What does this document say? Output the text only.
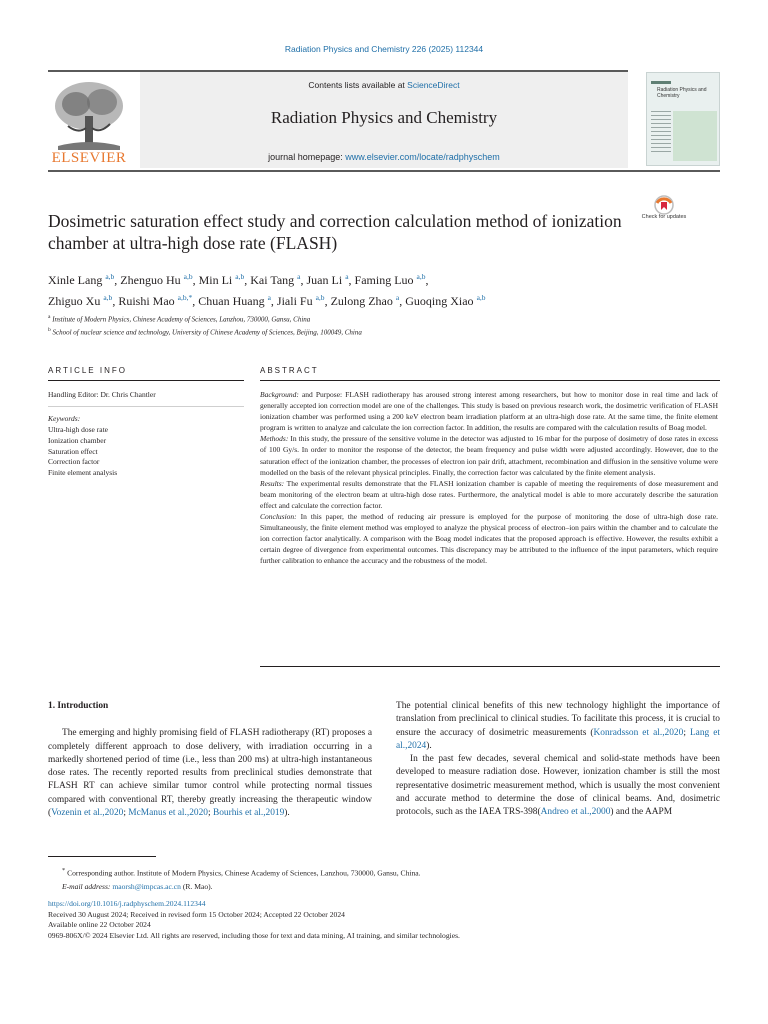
Radiation Physics and Chemistry 226 (2025) 112344
ELSEVIER
Contents lists available at ScienceDirect
Radiation Physics and Chemistry
journal homepage: www.elsevier.com/locate/radphyschem
Radiation Physics and Chemistry
Dosimetric saturation effect study and correction calculation method of ionization chamber at ultra-high dose rate (FLASH)
Check for updates
Xinle Lang $^{a,b}$, Zhenguo Hu $^{a,b}$, Min Li $^{a,b}$, Kai Tang $^a$, Juan Li $^a$, Faming Luo $^{a,b}$,
Zhiguo Xu $^{a,b}$, Ruishi Mao $^{a,b,*}$, Chuan Huang $^a$, Jiali Fu $^{a,b}$, Zulong Zhao $^a$, Guoqing Xiao $^{a,b}$
$^a$ Institute of Modern Physics, Chinese Academy of Sciences, Lanzhou, 730000, Gansu, China
$^b$ School of nuclear science and technology, University of Chinese Academy of Sciences, Beijing, 100049, China
ARTICLE INFO
Handling Editor: Dr. Chris Chantler
Keywords:
Ultra-high dose rate
Ionization chamber
Saturation effect
Correction factor
Finite element analysis
ABSTRACT

Background: and Purpose: FLASH radiotherapy has aroused strong interest among researchers, but how to monitor dose in real time and lack of generally accepted ion correction model are one of the challenges. This study is based on previous research work, the dosimetric verification of FLASH ionization chamber was performed using a 200 keV electron beam irradiation platform at an ultra-high dose rate. At the same time, the finite element program is written to analyze and calculate the ion correction factor. In addition, the results are compared with the calculation results of Boag model.

Methods: In this study, the pressure of the sensitive volume in the detector was adjusted to 16 mbar for the purpose of dosimetry of dose rates in excess of 100 Gy/s. In order to monitor the response of the detector, the beam frequency and pulse width were adjusted accordingly. However, due to the saturation effect of the ionization chamber, the processes of electron ion pair drift, attachment, recombination and diffusion in the sensitive volume were modelled on the basis of the relevant physical principles. Finally, the correction factor was calculated by the finite element analysis.

Results: The experimental results demonstrate that the FLASH ionization chamber is capable of meeting the requirements of dose measurement and beam monitoring of the electron beam at ultra-high dose rates. Furthermore, the analytical model is able to more accurately describe the saturation effect and calculate the correction factor.

Conclusion: In this paper, the method of reducing air pressure is employed for the purpose of monitoring the dose of ultra-high dose rate. Simultaneously, the finite element method was employed to analyze the physical process of electron–ion pairs within the chamber and to calculate the ion correction factor analytically. A comparison with the Boag model indicates that the proposed approach is effective. However, the results exhibit a certain degree of divergence from experimental outcomes. This discrepancy may be attributed to the influence of the input parameters, which require further calibration to enhance the accuracy and the robustness of the model.

1. Introduction

The emerging and highly promising field of FLASH radiotherapy (RT) proposes a completely different approach to dose delivery, with irradiation occurring in a markedly shortened period of time (i.e., less than 200 ms) at ultra-high instantaneous dose rates. The recently reported results from preclinical studies demonstrate that FLASH RT can achieve similar tumor control while protecting normal tissues compared with conventional RT, thereby greatly increasing the therapeutic window (Vozenin et al.,2020; McManus et al.,2020; Bourhis et al.,2019).

The potential clinical benefits of this new technology highlight the importance of translation from preclinical to clinical studies. To facilitate this process, it is crucial to ensure the accuracy of dosimetric measurements (Konradsson et al.,2020; Lang et al.,2024).

In the past few decades, several chemical and solid-state methods have been developed to measure radiation dose. However, ionization chamber is still the most representative dosimetric measurement method, which is usually the most convenient and accurate method to determine the dose of clinical beams. And, dosimetric protocols, such as the IAEA TRS-398(Andreo et al.,2000) and the AAPM

* Corresponding author. Institute of Modern Physics, Chinese Academy of Sciences, Lanzhou, 730000, Gansu, China.
E-mail address: maorsh@impcas.ac.cn (R. Mao).
https://doi.org/10.1016/j.radphyschem.2024.112344
Received 30 August 2024; Received in revised form 15 October 2024; Accepted 22 October 2024
Available online 22 October 2024
0969-806X/© 2024 Elsevier Ltd. All rights are reserved, including those for text and data mining, AI training, and similar technologies.
